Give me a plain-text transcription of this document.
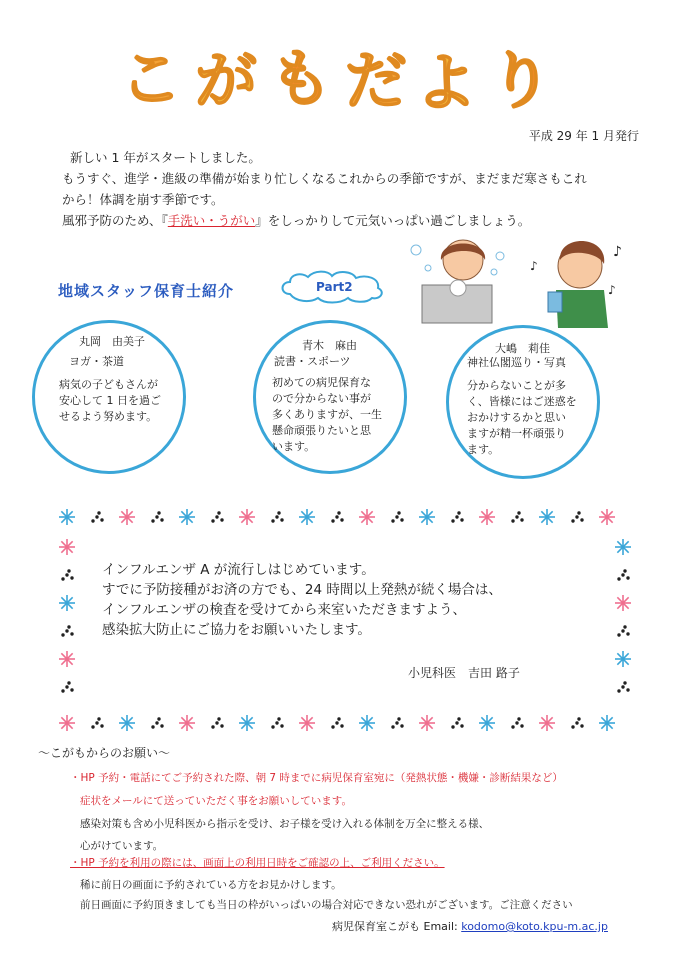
こ が も だ よ り
平成 29 年 1 月発行

新しい 1 年がスタートしました。

もうすぐ、進学・進級の準備が始まり忙しくなるこれからの季節ですが、まだまだ寒さもこれ

から！体調を崩す季節です。

風邪予防のため、『手洗い・うがい』をしっかりして元気いっぱい過ごしましょう。

地域スタッフ保育士紹介	Part2
♪
♪
♪
丸岡　由美子
ヨガ・茶道
病気の子どもさんが
安心して 1 日を過ご
せるよう努めます。
青木　麻由
読書・スポーツ
初めての病児保育な
ので分からない事が
多くありますが、一生
懸命頑張りたいと思
います。
大嶋　莉佳
神社仏閣巡り・写真
分からないことが多
く、皆様にはご迷惑を
おかけするかと思い
ますが精一杯頑張り
ます。

インフルエンザ A が流行しはじめています。

すでに予防接種がお済の方でも、24 時間以上発熱が続く場合は、

インフルエンザの検査を受けてから来室いただきますよう、

感染拡大防止にご協力をお願いいたします。

小児科医　吉田 路子
～こがもからのお願い～
・HP 予約・電話にてご予約された際、朝 7 時までに病児保育室宛に（発熱状態・機嫌・診断結果など）
症状をメールにて送っていただく事をお願いしています。
感染対策も含め小児科医から指示を受け、お子様を受け入れる体制を万全に整える様、
心がけています。
・HP 予約を利用の際には、画面上の利用日時をご確認の上、ご利用ください。
稀に前日の画面に予約されている方をお見かけします。
前日画面に予約頂きましても当日の枠がいっぱいの場合対応できない恐れがございます。ご注意ください
病児保育室こがも Email: kodomo@koto.kpu-m.ac.jp
